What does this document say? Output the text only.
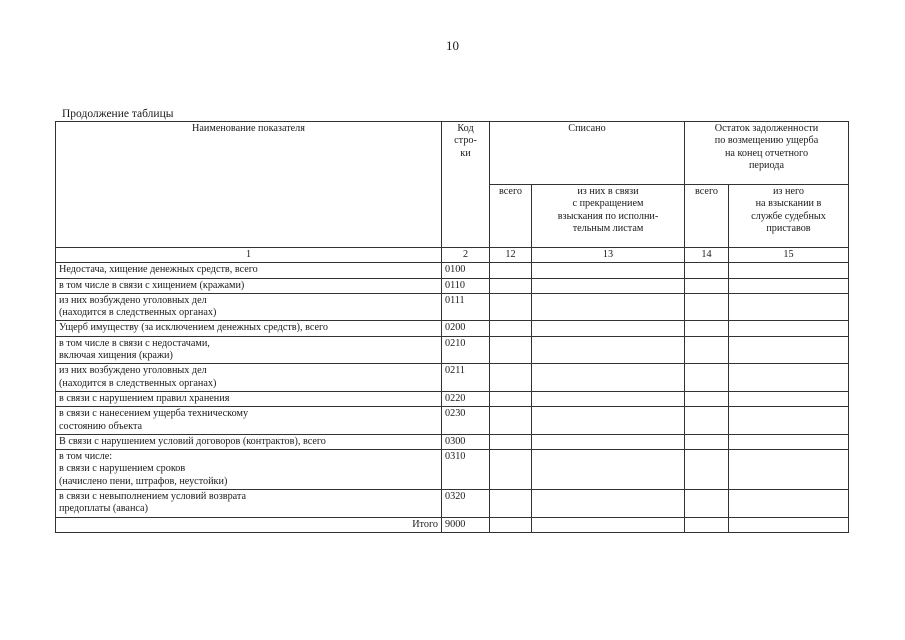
10
Продолжение таблицы
Наименование показателя	Код
стро-
ки	Списано		Остаток задолженности
по возмещению ущерба
на конец отчетного
периода	
		всего	из них в связи
с прекращением
взыскания по исполни-
тельным листам	всего	из него
на взыскании в
службе судебных
приставов
1	2	12	13	14	15
Недостача, хищение денежных средств, всего	0100				
в том числе в связи с хищением (кражами)	0110				
из них возбуждено уголовных дел
(находится в следственных органах)	0111				
Ущерб имуществу (за исключением денежных средств), всего	0200				
в том числе в связи с недостачами,
включая хищения (кражи)	0210				
из них возбуждено уголовных дел
(находится в следственных органах)	0211				
в связи с нарушением правил хранения	0220				
в связи с нанесением ущерба техническому
состоянию объекта	0230				
В связи с нарушением условий договоров (контрактов), всего	0300				
в том числе:
в связи с нарушением сроков
(начислено пени, штрафов, неустойки)	0310				
в связи с невыполнением условий возврата
предоплаты (аванса)	0320				
Итого	9000				
